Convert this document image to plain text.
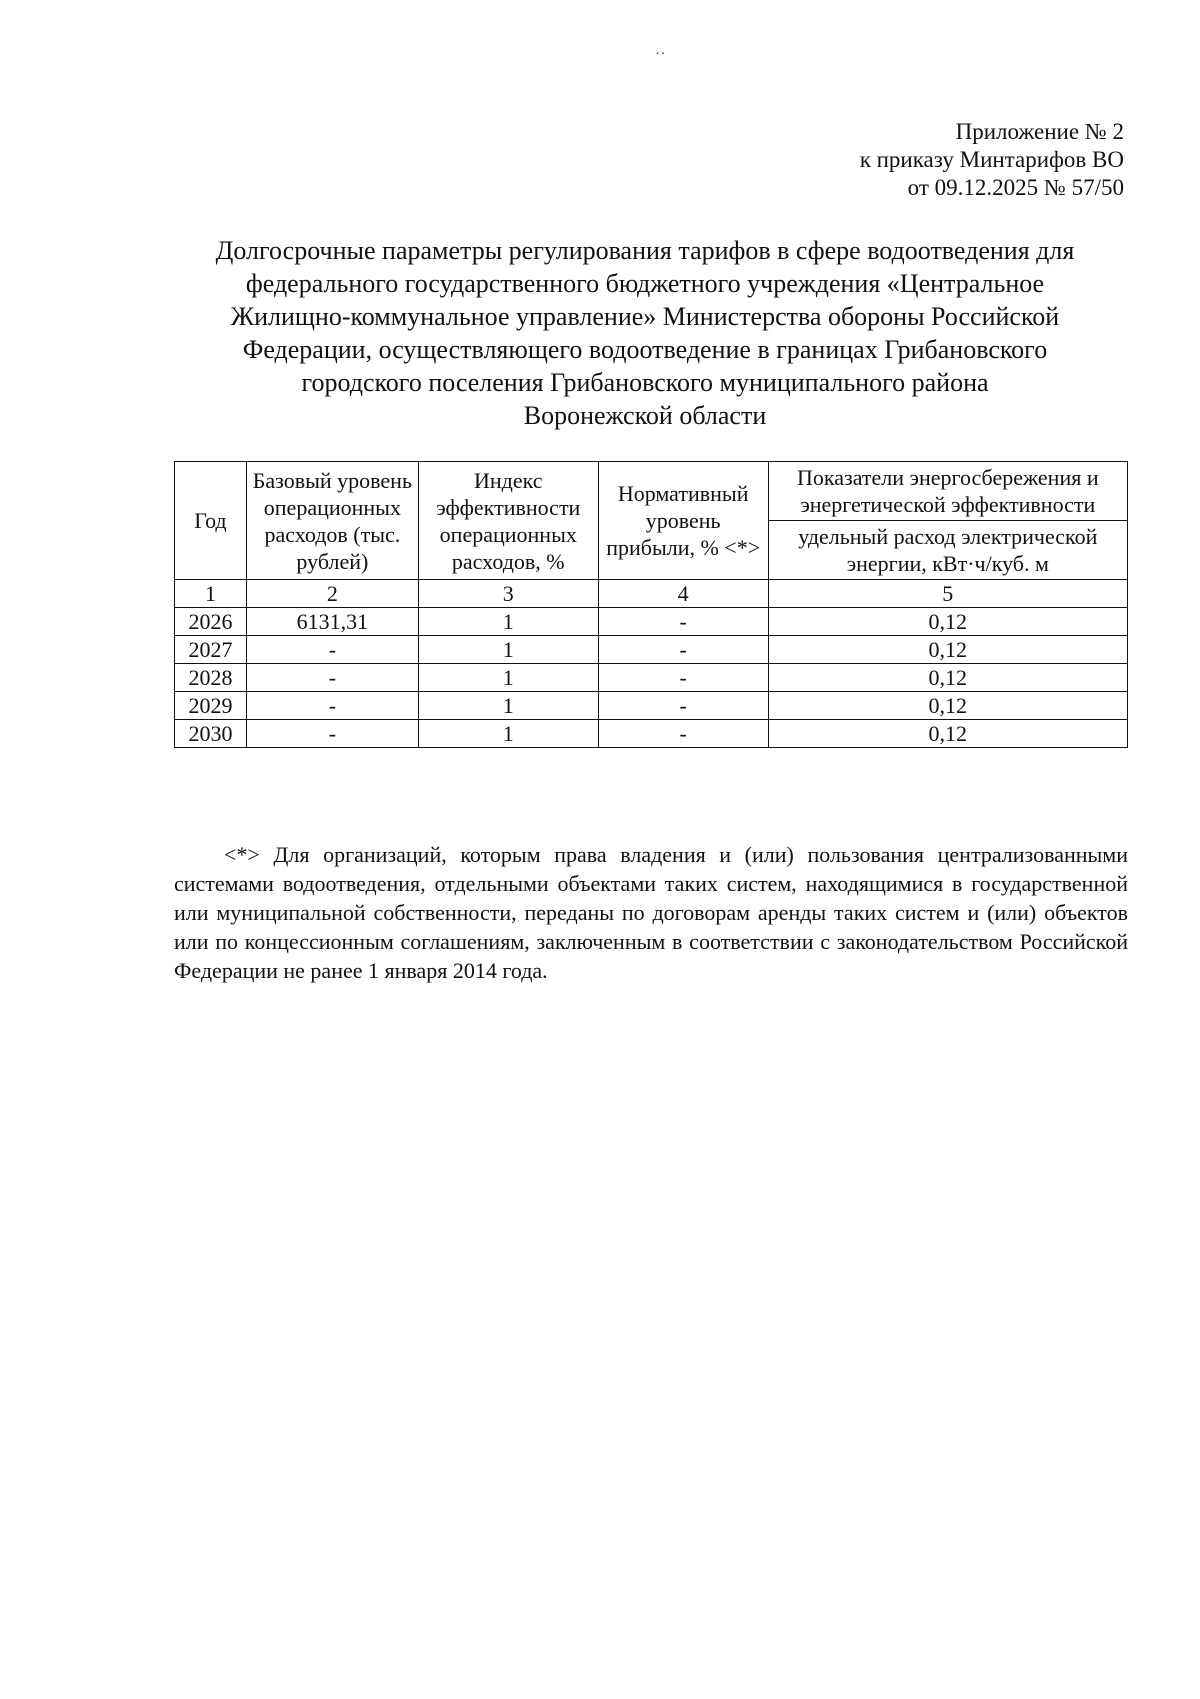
˙˙
Приложение № 2
к приказу Минтарифов ВО
от 09.12.2025 № 57/50
Долгосрочные параметры регулирования тарифов в сфере водоотведения для
федерального государственного бюджетного учреждения «Центральное
Жилищно-коммунальное управление» Министерства обороны Российской
Федерации, осуществляющего водоотведение в границах Грибановского
городского поселения Грибановского муниципального района
Воронежской области
Год	Базовый уровень операционных расходов (тыс. рублей)	Индекс эффективности операционных расходов, %	Нормативный уровень прибыли, % <*>	Показатели энергосбережения и энергетической эффективности
				удельный расход электрической энергии, кВт·ч/куб. м
1	2	3	4	5
2026	6131,31	1	-	0,12
2027	-	1	-	0,12
2028	-	1	-	0,12
2029	-	1	-	0,12
2030	-	1	-	0,12
<*> Для организаций, которым права владения и (или) пользования централизованными системами водоотведения, отдельными объектами таких систем, находящимися в государственной или муниципальной собственности, переданы по договорам аренды таких систем и (или) объектов или по концессионным соглашениям, заключенным в соответствии с законодательством Российской Федерации не ранее 1 января 2014 года.
